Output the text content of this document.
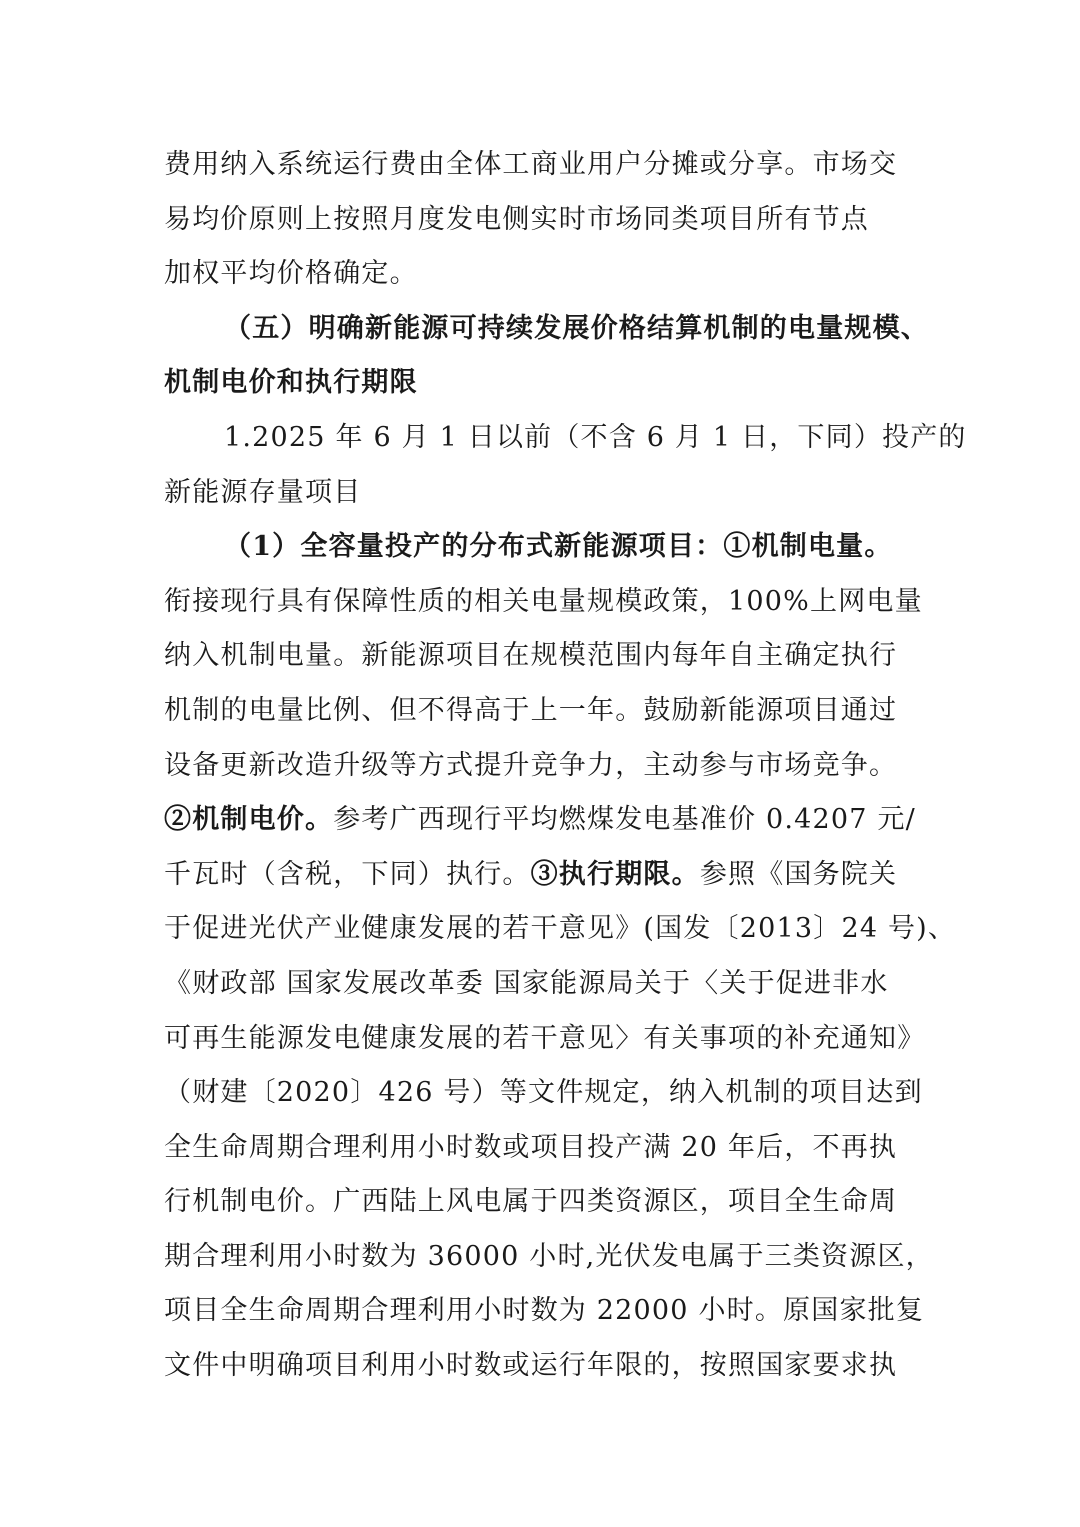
费用纳入系统运行费由全体工商业用户分摊或分享。市场交
易均价原则上按照月度发电侧实时市场同类项目所有节点
加权平均价格确定。
（五）明确新能源可持续发展价格结算机制的电量规模、
机制电价和执行期限
1.2025 年 6 月 1 日以前（不含 6 月 1 日，下同）投产的
新能源存量项目
（1）全容量投产的分布式新能源项目：①机制电量。
衔接现行具有保障性质的相关电量规模政策，100%上网电量
纳入机制电量。新能源项目在规模范围内每年自主确定执行
机制的电量比例、但不得高于上一年。鼓励新能源项目通过
设备更新改造升级等方式提升竞争力，主动参与市场竞争。
②机制电价。参考广西现行平均燃煤发电基准价 0.4207 元/
千瓦时（含税，下同）执行。③执行期限。参照《国务院关
于促进光伏产业健康发展的若干意见》(国发〔2013〕24 号)、
《财政部 国家发展改革委 国家能源局关于〈关于促进非水
可再生能源发电健康发展的若干意见〉有关事项的补充通知》
（财建〔2020〕426 号）等文件规定，纳入机制的项目达到
全生命周期合理利用小时数或项目投产满 20 年后，不再执
行机制电价。广西陆上风电属于四类资源区，项目全生命周
期合理利用小时数为 36000 小时,光伏发电属于三类资源区，
项目全生命周期合理利用小时数为 22000 小时。原国家批复
文件中明确项目利用小时数或运行年限的，按照国家要求执
